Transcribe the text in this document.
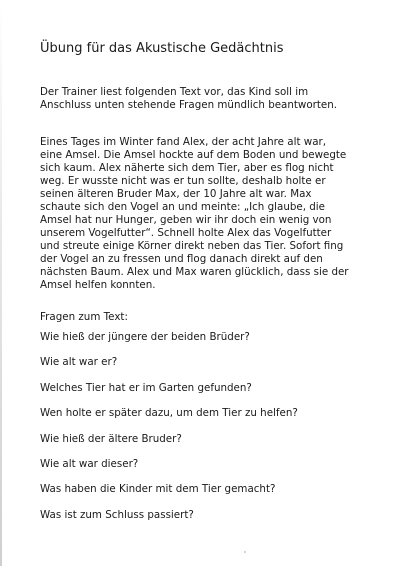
Übung für das Akustische Gedächtnis

Der Trainer liest folgenden Text vor, das Kind soll im

Anschluss unten stehende Fragen mündlich beantworten.

Eines Tages im Winter fand Alex, der acht Jahre alt war,

eine Amsel. Die Amsel hockte auf dem Boden und bewegte

sich kaum. Alex näherte sich dem Tier, aber es flog nicht

weg. Er wusste nicht was er tun sollte, deshalb holte er

seinen älteren Bruder Max, der 10 Jahre alt war. Max

schaute sich den Vogel an und meinte: „Ich glaube, die

Amsel hat nur Hunger, geben wir ihr doch ein wenig von

unserem Vogelfutter“. Schnell holte Alex das Vogelfutter

und streute einige Körner direkt neben das Tier. Sofort fing

der Vogel an zu fressen und flog danach direkt auf den

nächsten Baum. Alex und Max waren glücklich, dass sie der

Amsel helfen konnten.

Fragen zum Text:
Wie hieß der jüngere der beiden Brüder?
Wie alt war er?
Welches Tier hat er im Garten gefunden?
Wen holte er später dazu, um dem Tier zu helfen?
Wie hieß der ältere Bruder?
Wie alt war dieser?
Was haben die Kinder mit dem Tier gemacht?
Was ist zum Schluss passiert?
